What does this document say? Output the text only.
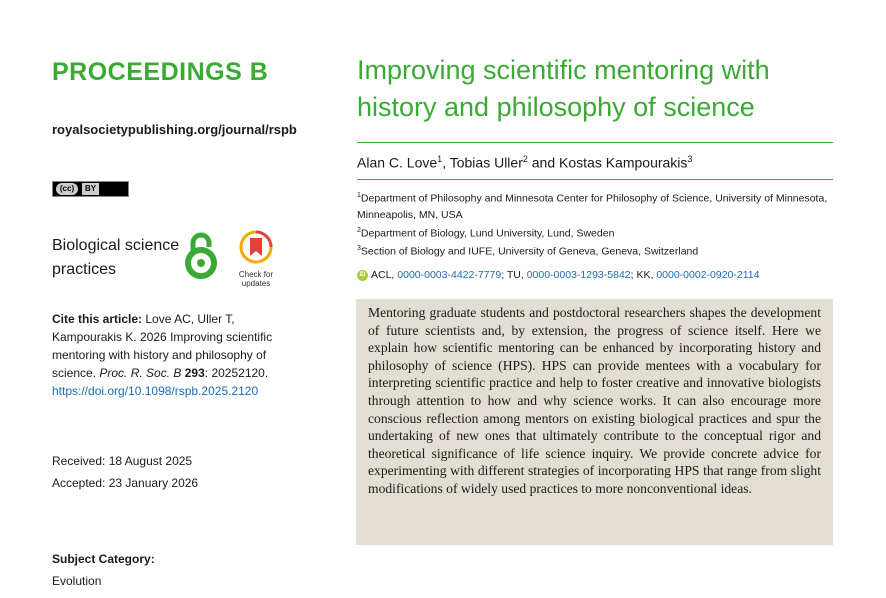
PROCEEDINGS B
royalsocietypublishing.org/journal/rspb
(cc)	BY
Biological science practices	Check for updates
Cite this article: Love AC, Uller T, Kampourakis K. 2026 Improving scientific mentoring with history and philosophy of science. Proc. R. Soc. B 293: 20252120.
https://doi.org/10.1098/rspb.2025.2120
Received: 18 August 2025
Accepted: 23 January 2026
Subject Category:
Evolution
Improving scientific mentoring with history and philosophy of science
Alan C. Love$^1$, Tobias Uller$^2$ and Kostas Kampourakis$^3$
$^1$Department of Philosophy and Minnesota Center for Philosophy of Science, University of Minnesota, Minneapolis, MN, USA
$^2$Department of Biology, Lund University, Lund, Sweden
$^3$Section of Biology and IUFE, University of Geneva, Geneva, Switzerland
iD ACL, 0000-0003-4422-7779; TU, 0000-0003-1293-5842; KK, 0000-0002-0920-2114
Mentoring graduate students and postdoctoral researchers shapes the development of future scientists and, by extension, the progress of science itself. Here we explain how scientific mentoring can be enhanced by incorporating history and philosophy of science (HPS). HPS can provide mentees with a vocabulary for interpreting scientific practice and help to foster creative and innovative biologists through attention to how and why science works. It can also encourage more conscious reflection among mentors on existing biological practices and spur the undertaking of new ones that ultimately contribute to the conceptual rigor and theoretical significance of life science inquiry. We provide concrete advice for experimenting with different strategies of incorporating HPS that range from slight modifications of widely used practices to more nonconventional ideas.
